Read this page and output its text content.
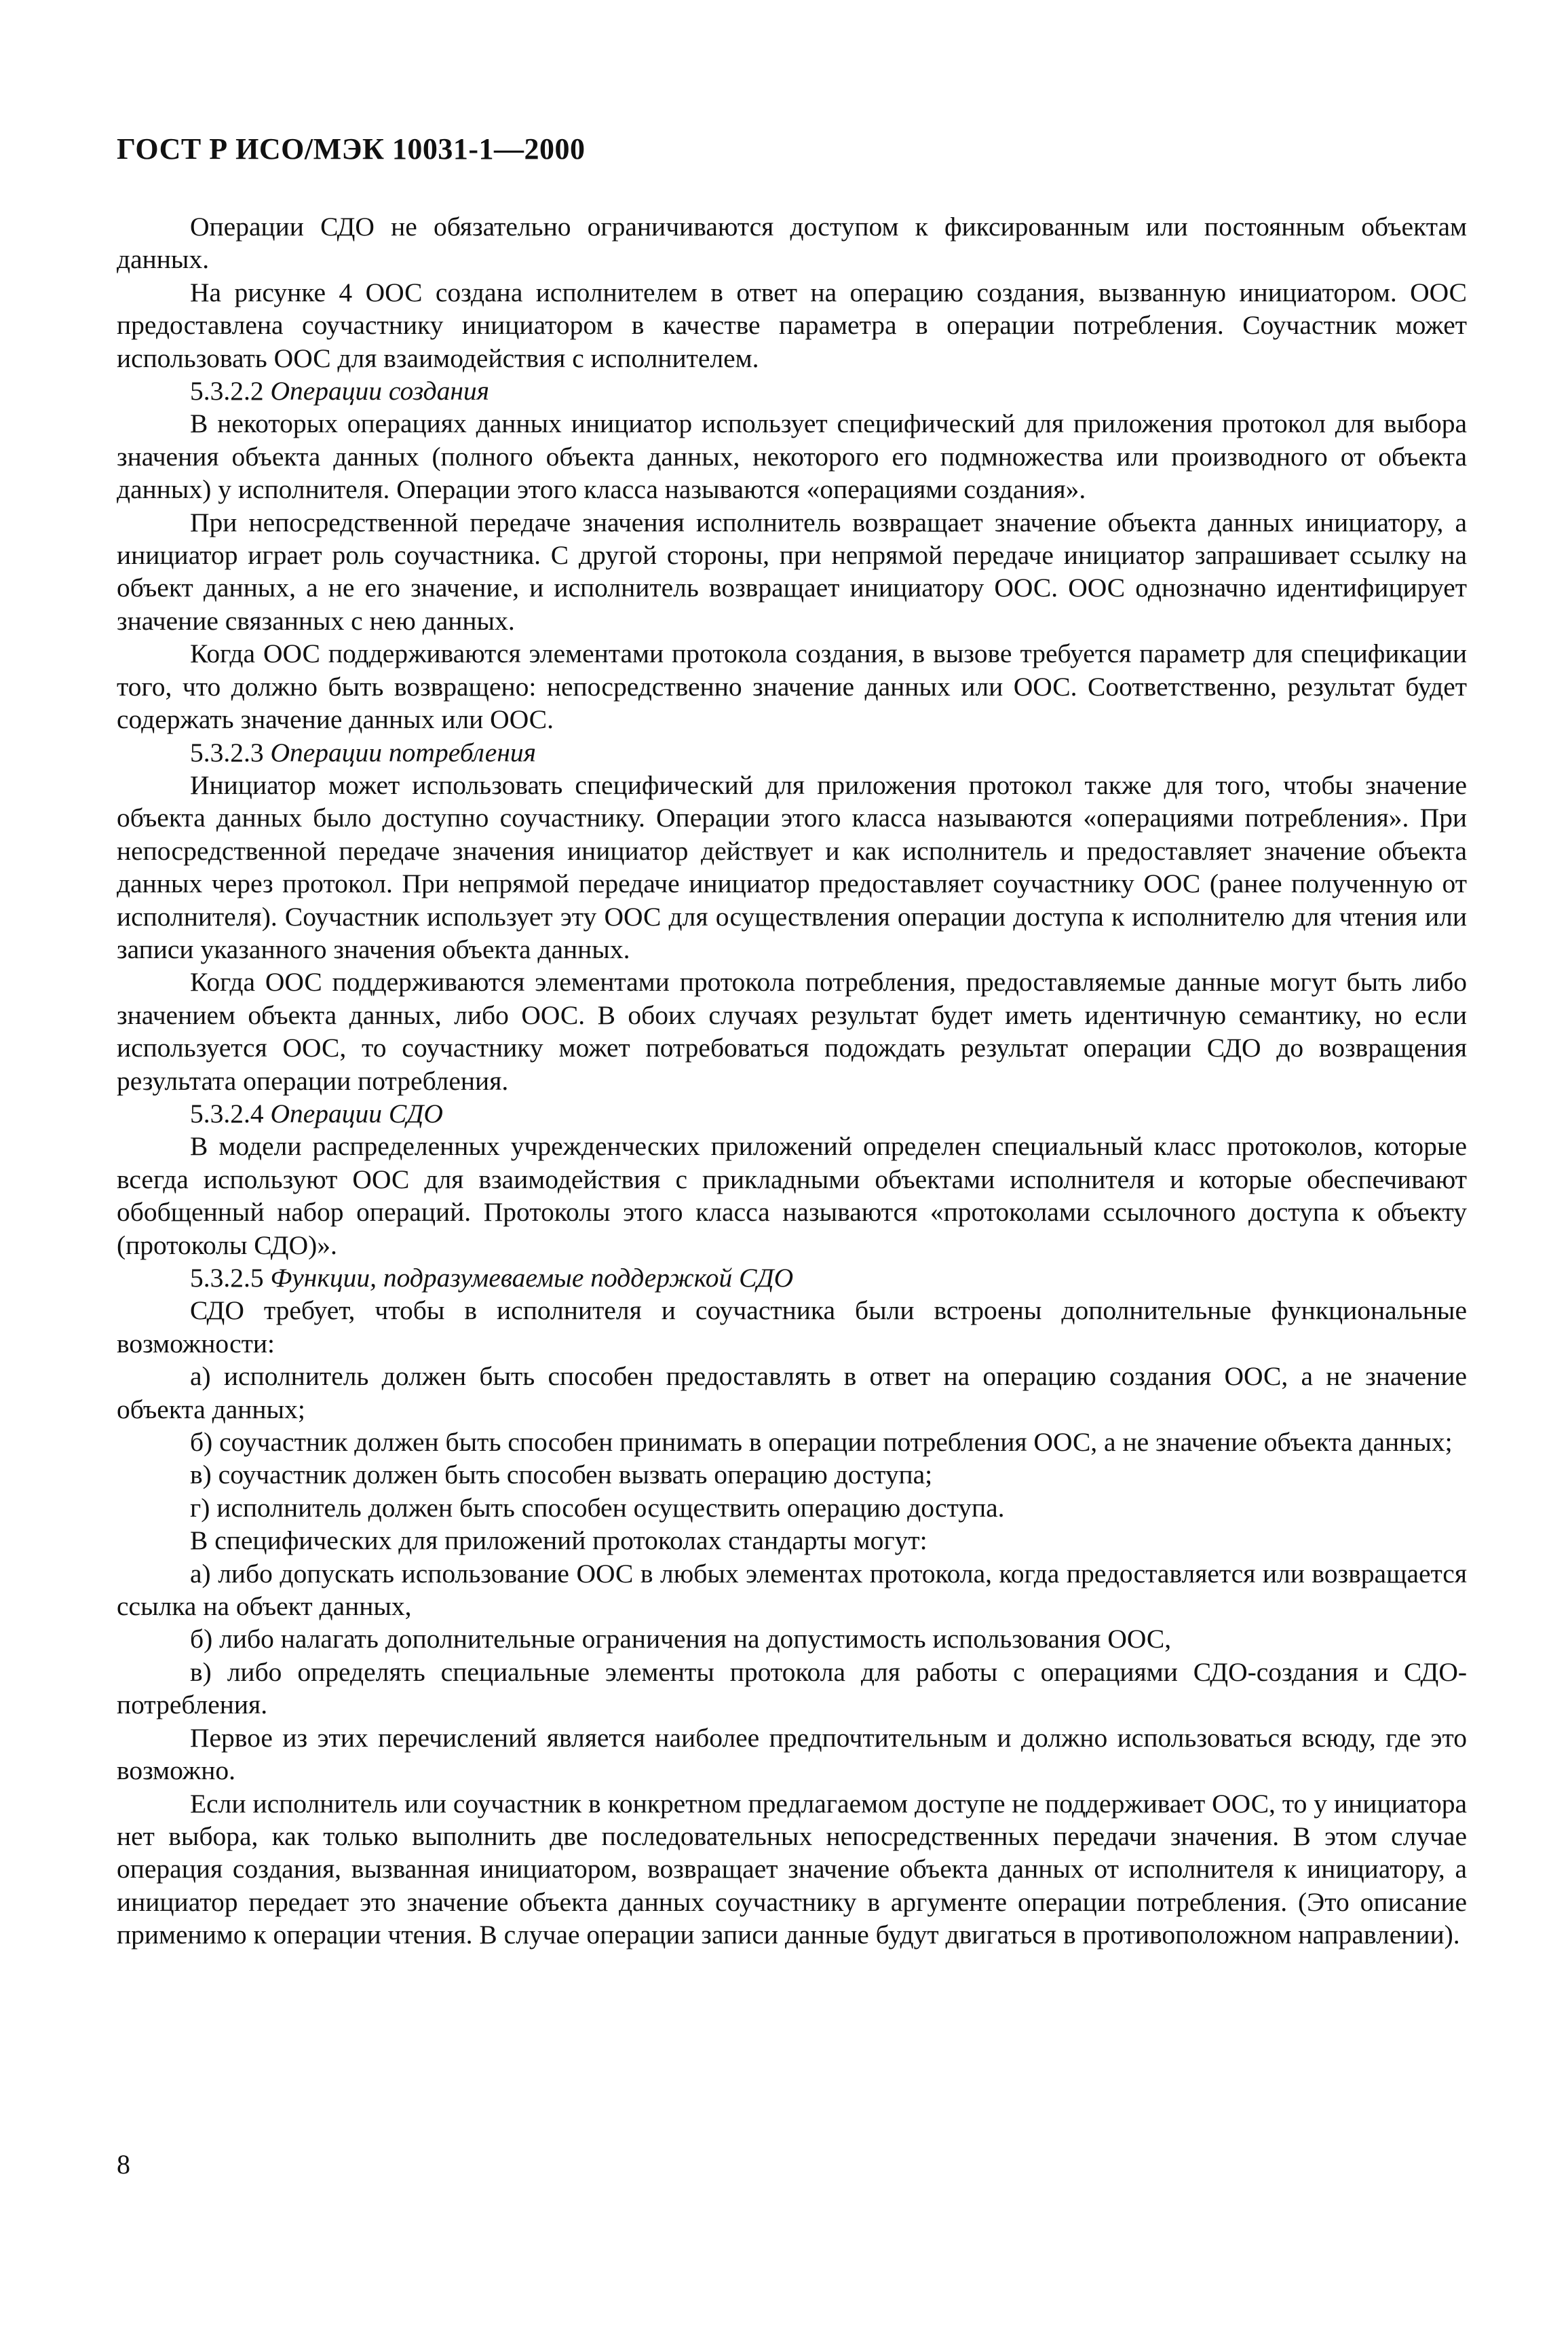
ГОСТ Р ИСО/МЭК 10031-1—2000

Операции СДО не обязательно ограничиваются доступом к фиксированным или постоянным объектам данных.

На рисунке 4 ООС создана исполнителем в ответ на операцию создания, вызванную инициатором. ООС предоставлена соучастнику инициатором в качестве параметра в операции потребления. Соучастник может использовать ООС для взаимодействия с исполнителем.

5.3.2.2 Операции создания

В некоторых операциях данных инициатор использует специфический для приложения протокол для выбора значения объекта данных (полного объекта данных, некоторого его подмножества или производного от объекта данных) у исполнителя. Операции этого класса называются «операциями создания».

При непосредственной передаче значения исполнитель возвращает значение объекта данных инициатору, а инициатор играет роль соучастника. С другой стороны, при непрямой передаче инициатор запрашивает ссылку на объект данных, а не его значение, и исполнитель возвращает инициатору ООС. ООС однозначно идентифицирует значение связанных с нею данных.

Когда ООС поддерживаются элементами протокола создания, в вызове требуется параметр для спецификации того, что должно быть возвращено: непосредственно значение данных или ООС. Соответственно, результат будет содержать значение данных или ООС.

5.3.2.3 Операции потребления

Инициатор может использовать специфический для приложения протокол также для того, чтобы значение объекта данных было доступно соучастнику. Операции этого класса называются «операциями потребления». При непосредственной передаче значения инициатор действует и как исполнитель и предоставляет значение объекта данных через протокол. При непрямой передаче инициатор предоставляет соучастнику ООС (ранее полученную от исполнителя). Соучастник использует эту ООС для осуществления операции доступа к исполнителю для чтения или записи указанного значения объекта данных.

Когда ООС поддерживаются элементами протокола потребления, предоставляемые данные могут быть либо значением объекта данных, либо ООС. В обоих случаях результат будет иметь идентичную семантику, но если используется ООС, то соучастнику может потребоваться подождать результат операции СДО до возвращения результата операции потребления.

5.3.2.4 Операции СДО

В модели распределенных учрежденческих приложений определен специальный класс протоколов, которые всегда используют ООС для взаимодействия с прикладными объектами исполнителя и которые обеспечивают обобщенный набор операций. Протоколы этого класса называются «протоколами ссылочного доступа к объекту (протоколы СДО)».

5.3.2.5 Функции, подразумеваемые поддержкой СДО

СДО требует, чтобы в исполнителя и соучастника были встроены дополнительные функциональные возможности:

а) исполнитель должен быть способен предоставлять в ответ на операцию создания ООС, а не значение объекта данных;

б) соучастник должен быть способен принимать в операции потребления ООС, а не значение объекта данных;

в) соучастник должен быть способен вызвать операцию доступа;

г) исполнитель должен быть способен осуществить операцию доступа.

В специфических для приложений протоколах стандарты могут:

а) либо допускать использование ООС в любых элементах протокола, когда предоставляется или возвращается ссылка на объект данных,

б) либо налагать дополнительные ограничения на допустимость использования ООС,

в) либо определять специальные элементы протокола для работы с операциями СДО-создания и СДО-потребления.

Первое из этих перечислений является наиболее предпочтительным и должно использоваться всюду, где это возможно.

Если исполнитель или соучастник в конкретном предлагаемом доступе не поддерживает ООС, то у инициатора нет выбора, как только выполнить две последовательных непосредственных передачи значения. В этом случае операция создания, вызванная инициатором, возвращает значение объекта данных от исполнителя к инициатору, а инициатор передает это значение объекта данных соучастнику в аргументе операции потребления. (Это описание применимо к операции чтения. В случае операции записи данные будут двигаться в противоположном направлении).

8
